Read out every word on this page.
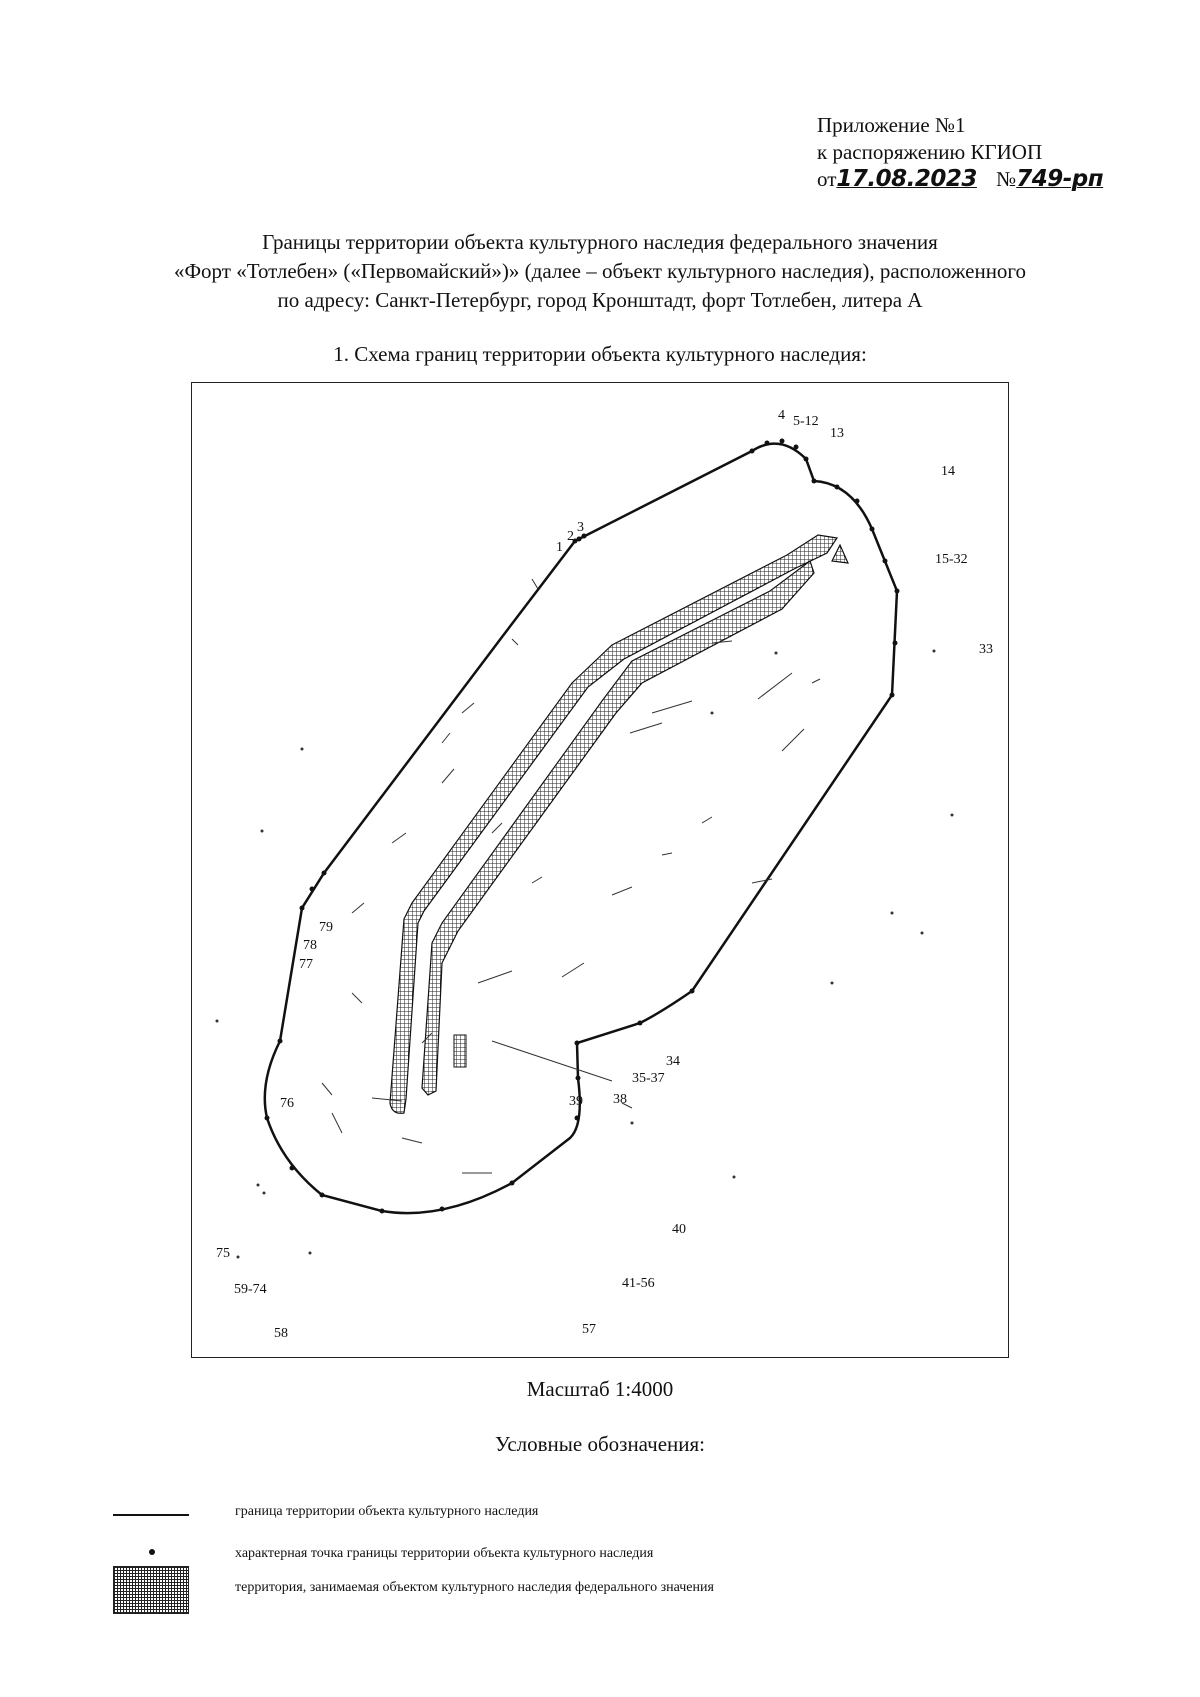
Приложение №1
к распоряжению КГИОП
от17.08.2023 №749-рп
Границы территории объекта культурного наследия федерального значения
«Форт «Тотлебен» («Первомайский»)» (далее – объект культурного наследия), расположенного
по адресу: Санкт-Петербург, город Кронштадт, форт Тотлебен, литера А
1. Схема границ территории объекта культурного наследия:
1
2
3
4 5-12
13
14
15-32
33
34
35-37
38
39
40
41-56
57
58
59-74
75
76
77
78
79
Масштаб 1:4000
Условные обозначения:
граница территории объекта культурного наследия
характерная точка границы территории объекта культурного наследия
территория, занимаемая объектом культурного наследия федерального значения
